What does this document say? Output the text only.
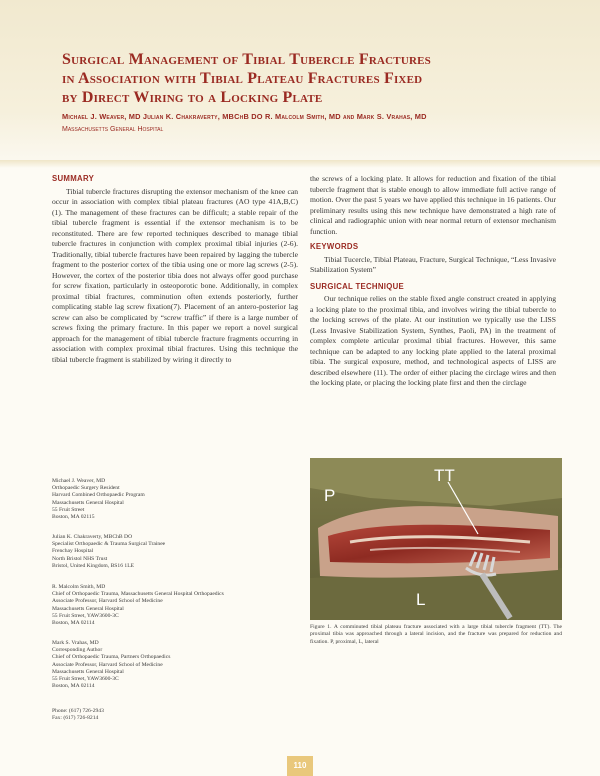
Surgical Management of Tibial Tubercle Fractures
in Association with Tibial Plateau Fractures Fixed
by Direct Wiring to a Locking Plate
Michael J. Weaver, MD Julian K. Chakraverty, MBChB DO R. Malcolm Smith, MD and Mark S. Vrahas, MD
Massachusetts General Hospital
SUMMARY

Tibial tubercle fractures disrupting the extensor mechanism of the knee can occur in association with complex tibial plateau fractures (AO type 41A,B,C)(1). The management of these fractures can be difficult; a stable repair of the tibial tubercle fragment is essential if the extensor mechanism is to be reconstituted. There are few reported techniques described to manage tibial tubercle fractures in conjunction with complex proximal tibial injuries (2-6). Traditionally, tibial tubercle fractures have been repaired by lagging the tubercle fragment to the posterior cortex of the tibia using one or more lag screws (2-5). However, the cortex of the posterior tibia does not always offer good purchase for screw fixation, particularly in osteoporotic bone. Additionally, in complex proximal tibial fractures, comminution often extends posteriorly, further complicating stable lag screw fixation(7). Placement of an antero-posterior lag screw can also be complicated by “screw traffic” if there is a large number of screws fixing the primary fracture. In this paper we report a novel surgical approach for the management of tibial tubercle fracture fragments occurring in association with complex proximal tibial fractures. Using this technique the tibial tubercle fragment is stabilized by wiring it directly to

the screws of a locking plate. It allows for reduction and fixation of the tibial tubercle fragment that is stable enough to allow immediate full active range of motion. Over the past 5 years we have applied this technique in 16 patients. Our preliminary results using this new technique have demonstrated a high rate of clinical and radiographic union with near normal return of extensor mechanism function.

KEYWORDS

Tibial Tucercle, Tibial Plateau, Fracture, Surgical Technique, “Less Invasive Stabilization System”

SURGICAL TECHNIQUE

Our technique relies on the stable fixed angle construct created in applying a locking plate to the proximal tibia, and involves wiring the tibial tubercle to the locking screws of the plate. At our institution we typically use the LISS (Less Invasive Stabilization System, Synthes, Paoli, PA) in the treatment of complex complete articular proximal tibial fractures. However, this same technique can be adapted to any locking plate applied to the lateral proximal tibia. The surgical exposure, method, and technological aspects of LISS are described elsewhere (11). The order of either placing the circlage wires and then the locking plate, or placing the locking plate first and then the circlage

Michael J. Weaver, MD
Orthopaedic Surgery Resident
Harvard Combined Orthopaedic Program
Massachusetts General Hospital
55 Fruit Street
Boston, MA 02115
Julian K. Chakraverty, MBChB DO
Specialist Orthopaedic & Trauma Surgical Trainee
Frenchay Hospital
North Bristol NHS Trust
Bristol, United Kingdom, BS16 1LE
R. Malcolm Smith, MD
Chief of Orthopaedic Trauma, Massachusetts General Hospital Orthopaedics
Associate Professor, Harvard School of Medicine
Massachusetts General Hospital
55 Fruit Street, YAW3600-3C
Boston, MA 02114
Mark S. Vrahas, MD
Corresponding Author
Chief of Orthopaedic Trauma, Partners Orthopaedics
Associate Professor, Harvard School of Medicine
Massachusetts General Hospital
55 Fruit Street, YAW3600-3C
Boston, MA 02114
Phone: (617) 726-2943
Fax: (617) 726-8214
TT
P
L
Figure 1. A comminuted tibial plateau fracture associated with a large tibial tubercle fragment (TT). The proximal tibia was approached through a lateral incision, and the fracture was prepared for reduction and fixation. P, proximal, L, lateral
110
